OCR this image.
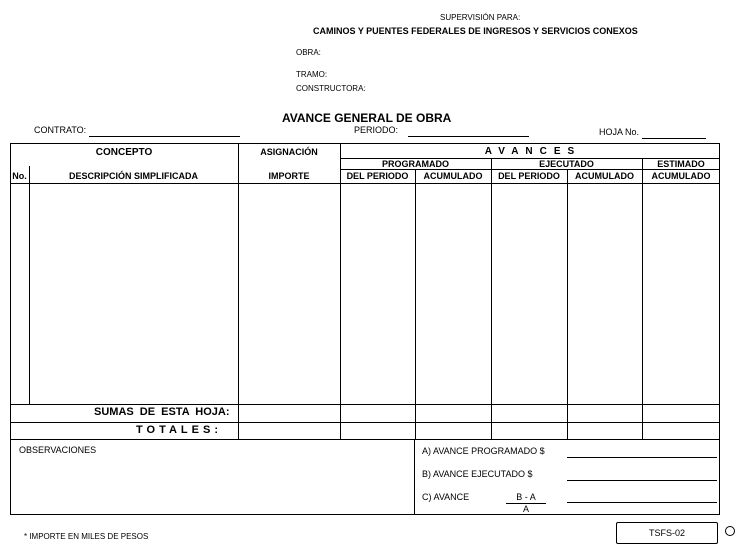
SUPERVISIÓN PARA:
CAMINOS Y PUENTES FEDERALES DE INGRESOS Y SERVICIOS CONEXOS
OBRA:
TRAMO:
CONSTRUCTORA:
AVANCE GENERAL DE OBRA
CONTRATO:	PERIODO:	HOJA No.
CONCEPTO	ASIGNACIÓN	AVANCES
PROGRAMADO	EJECUTADO	ESTIMADO
No.	DESCRIPCIÓN SIMPLIFICADA	IMPORTE	DEL PERIODO	ACUMULADO	DEL PERIODO	ACUMULADO	ACUMULADO
SUMAS DE ESTA HOJA:
TOTALES:
OBSERVACIONES	A) AVANCE PROGRAMADO $
B) AVANCE EJECUTADO $
C) AVANCE	B - A
A
* IMPORTE EN MILES DE PESOS	TSFS-02
